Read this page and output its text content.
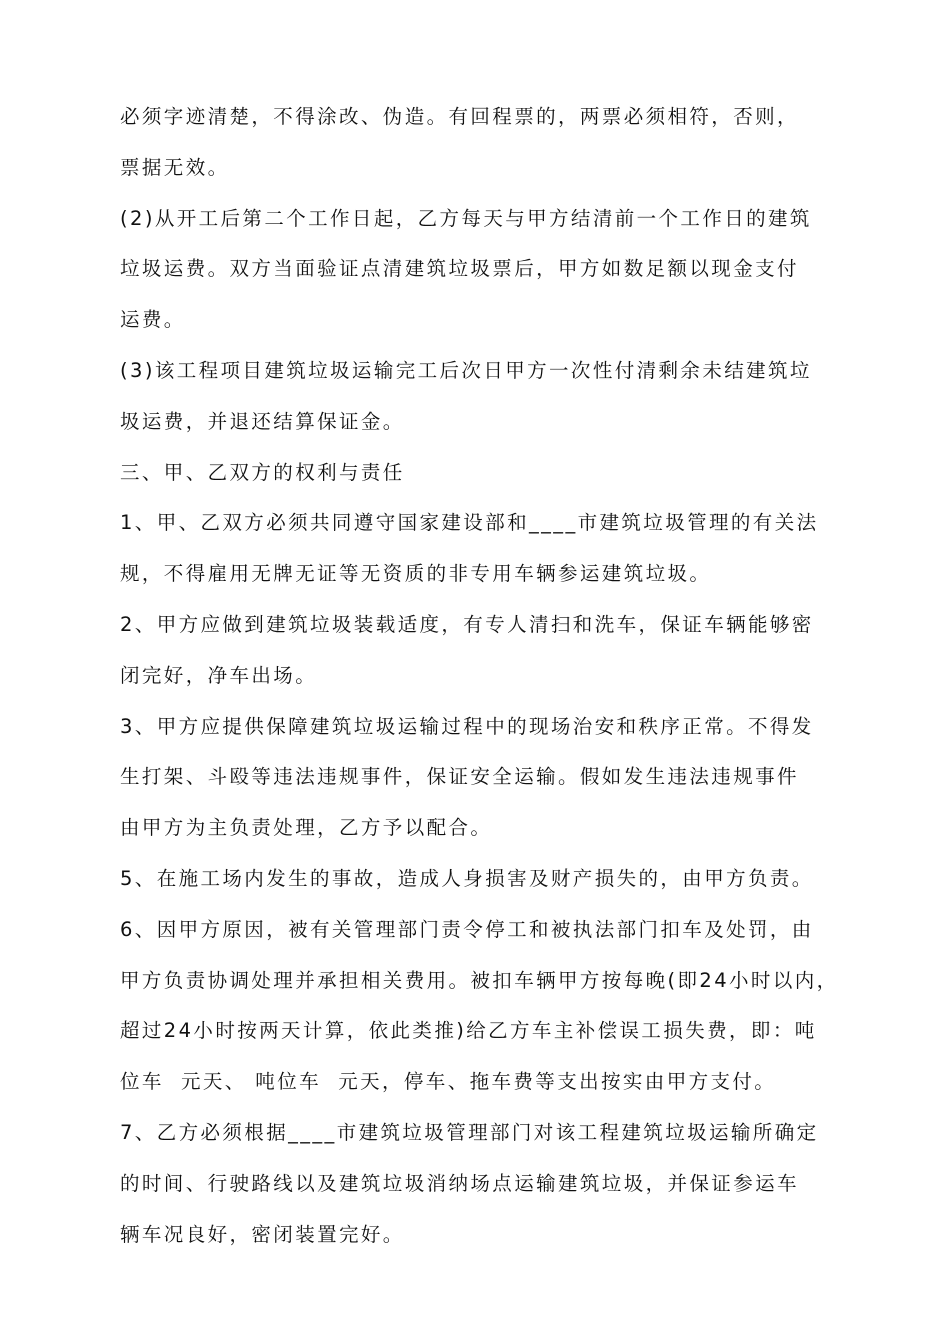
必须字迹清楚，不得涂改、伪造。有回程票的，两票必须相符，否则，
票据无效。
(2)从开工后第二个工作日起，乙方每天与甲方结清前一个工作日的建筑
垃圾运费。双方当面验证点清建筑垃圾票后，甲方如数足额以现金支付
运费。
(3)该工程项目建筑垃圾运输完工后次日甲方一次性付清剩余未结建筑垃
圾运费，并退还结算保证金。
三、甲、乙双方的权利与责任
1、甲、乙双方必须共同遵守国家建设部和____市建筑垃圾管理的有关法
规，不得雇用无牌无证等无资质的非专用车辆参运建筑垃圾。
2、甲方应做到建筑垃圾装载适度，有专人清扫和洗车，保证车辆能够密
闭完好，净车出场。
3、甲方应提供保障建筑垃圾运输过程中的现场治安和秩序正常。不得发
生打架、斗殴等违法违规事件，保证安全运输。假如发生违法违规事件
由甲方为主负责处理，乙方予以配合。
5、在施工场内发生的事故，造成人身损害及财产损失的，由甲方负责。
6、因甲方原因，被有关管理部门责令停工和被执法部门扣车及处罚，由
甲方负责协调处理并承担相关费用。被扣车辆甲方按每晚(即24小时以内，
超过24小时按两天计算，依此类推)给乙方车主补偿误工损失费，即：吨
位车  元天、 吨位车  元天，停车、拖车费等支出按实由甲方支付。
7、乙方必须根据____市建筑垃圾管理部门对该工程建筑垃圾运输所确定
的时间、行驶路线以及建筑垃圾消纳场点运输建筑垃圾，并保证参运车
辆车况良好，密闭装置完好。
